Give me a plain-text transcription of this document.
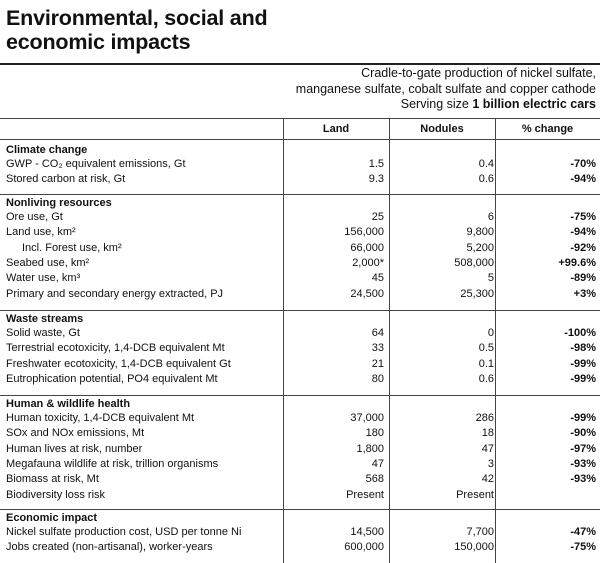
Environmental, social and
economic impacts
Cradle-to-gate production of nickel sulfate,
manganese sulfate, cobalt sulfate and copper cathode
Serving size 1 billion electric cars
Land	Nodules	% change
Climate change
GWP - CO₂ equivalent emissions, Gt	1.5	0.4	-70%
Stored carbon at risk, Gt	9.3	0.6	-94%
Nonliving resources
Ore use, Gt	25	6	-75%
Land use, km²	156,000	9,800	-94%
Incl. Forest use, km²	66,000	5,200	-92%
Seabed use, km²	2,000*	508,000	+99.6%
Water use, km³	45	5	-89%
Primary and secondary energy extracted, PJ	24,500	25,300	+3%
Waste streams
Solid waste, Gt	64	0	-100%
Terrestrial ecotoxicity, 1,4-DCB equivalent Mt	33	0.5	-98%
Freshwater ecotoxicity, 1,4-DCB equivalent Gt	21	0.1	-99%
Eutrophication potential, PO4 equivalent Mt	80	0.6	-99%
Human & wildlife health
Human toxicity, 1,4-DCB equivalent Mt	37,000	286	-99%
SOx and NOx emissions, Mt	180	18	-90%
Human lives at risk, number	1,800	47	-97%
Megafauna wildlife at risk, trillion organisms	47	3	-93%
Biomass at risk, Mt	568	42	-93%
Biodiversity loss risk	Present	Present
Economic impact
Nickel sulfate production cost, USD per tonne Ni	14,500	7,700	-47%
Jobs created (non-artisanal), worker-years	600,000	150,000	-75%
